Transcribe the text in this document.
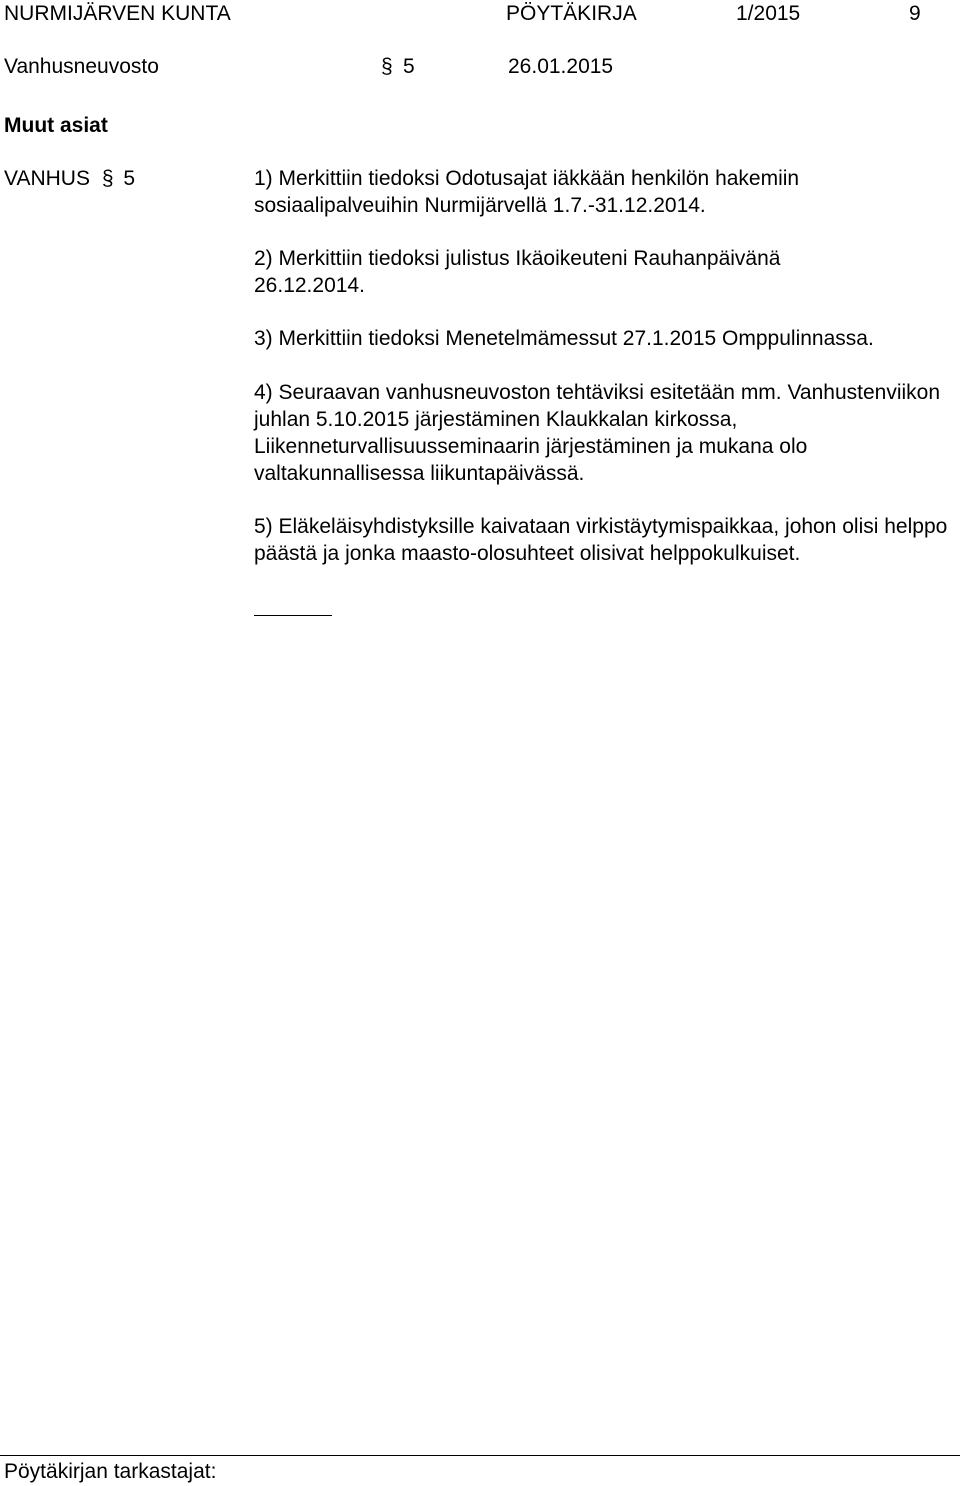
NURMIJÄRVEN KUNTA	PÖYTÄKIRJA	1/2015	9
Vanhusneuvosto	§ 5	26.01.2015
Muut asiat
VANHUS § 5	1) Merkittiin tiedoksi Odotusajat iäkkään henkilön hakemiin sosiaalipalveuihin Nurmijärvellä 1.7.-31.12.2014.

2) Merkittiin tiedoksi julistus Ikäoikeuteni Rauhanpäivänä 26.12.2014.

3) Merkittiin tiedoksi Menetelmämessut 27.1.2015 Omppulinnassa.

4) Seuraavan vanhusneuvoston tehtäviksi esitetään mm. Vanhustenviikon juhlan 5.10.2015 järjestäminen Klaukkalan kirkossa, Liikenneturvallisuusseminaarin järjestäminen ja mukana olo valtakunnallisessa liikuntapäivässä.

5) Eläkeläisyhdistyksille kaivataan virkistäytymispaikkaa, johon olisi helppo päästä ja jonka maasto-olosuhteet olisivat helppokulkuiset.

Pöytäkirjan tarkastajat:
